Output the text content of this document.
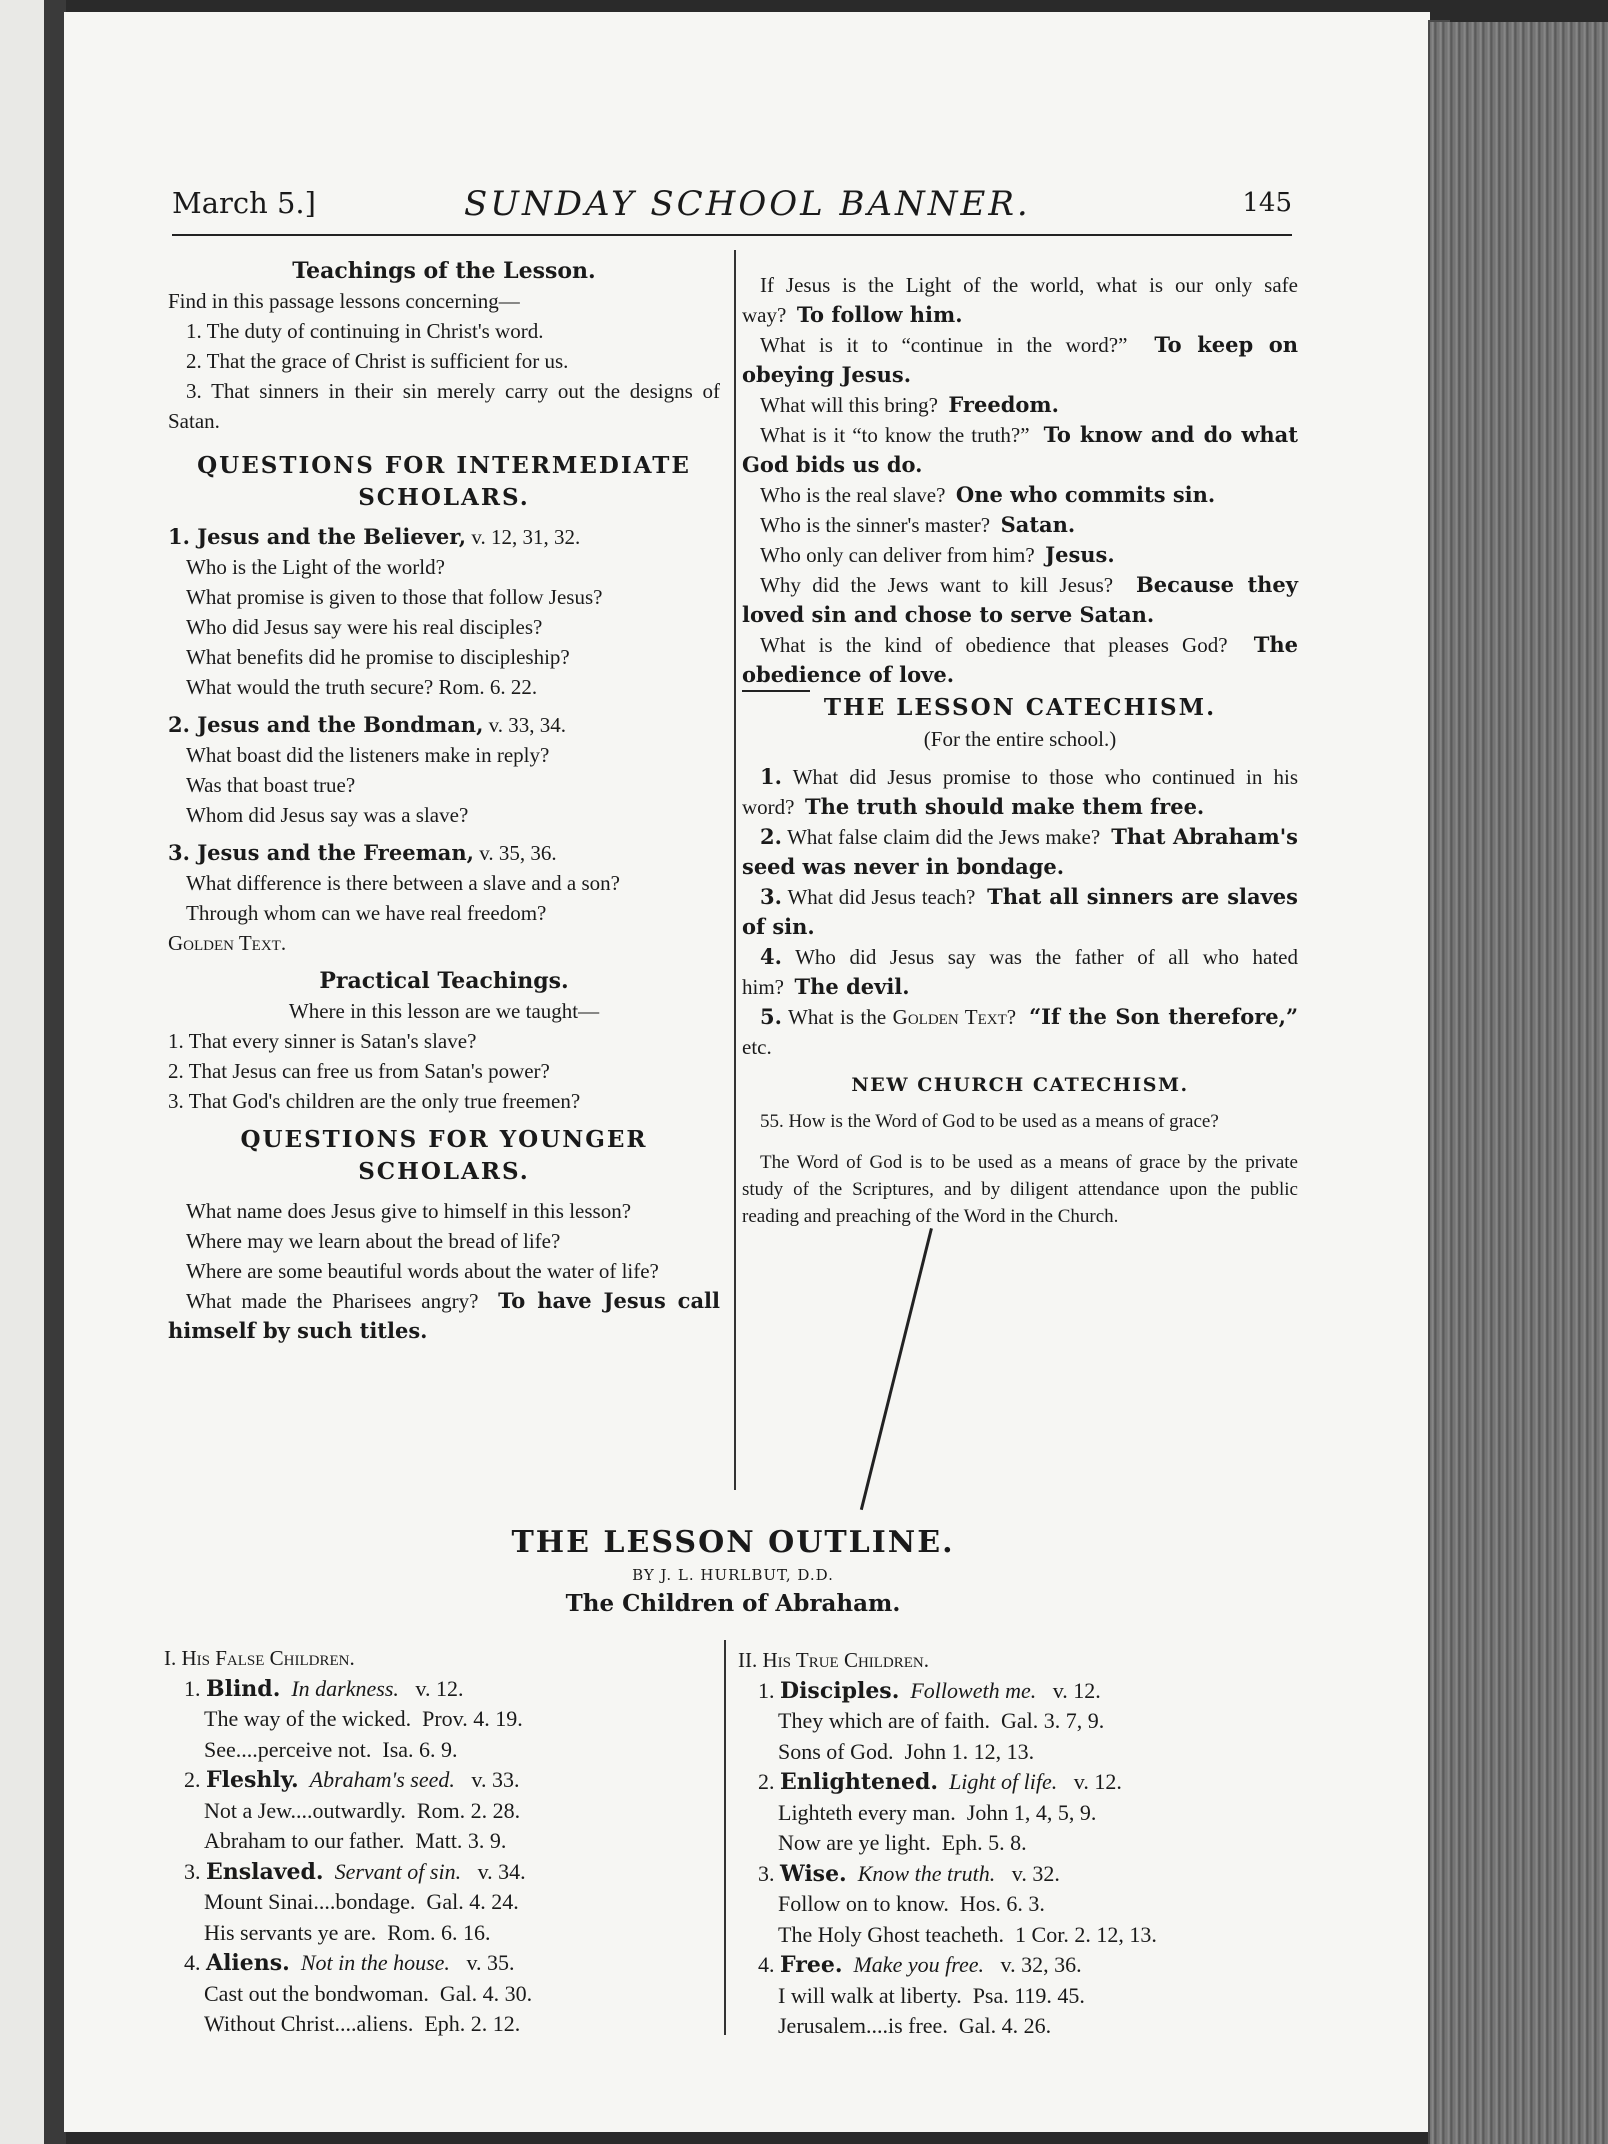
March 5.]	SUNDAY SCHOOL BANNER.	145
Teachings of the Lesson.
Find in this passage lessons concerning—
1. The duty of continuing in Christ's word.
2. That the grace of Christ is sufficient for us.
3. That sinners in their sin merely carry out the designs of Satan.
QUESTIONS FOR INTERMEDIATE SCHOLARS.
1. Jesus and the Believer, v. 12, 31, 32.
Who is the Light of the world?
What promise is given to those that follow Jesus?
Who did Jesus say were his real disciples?
What benefits did he promise to discipleship?
What would the truth secure? Rom. 6. 22.
2. Jesus and the Bondman, v. 33, 34.
What boast did the listeners make in reply?
Was that boast true?
Whom did Jesus say was a slave?
3. Jesus and the Freeman, v. 35, 36.
What difference is there between a slave and a son?
Through whom can we have real freedom?
Golden Text.
Practical Teachings.
Where in this lesson are we taught—
1. That every sinner is Satan's slave?
2. That Jesus can free us from Satan's power?
3. That God's children are the only true freemen?
QUESTIONS FOR YOUNGER SCHOLARS.
What name does Jesus give to himself in this lesson?
Where may we learn about the bread of life?
Where are some beautiful words about the water of life?
What made the Pharisees angry? To have Jesus call himself by such titles.
If Jesus is the Light of the world, what is our only safe way? To follow him.
What is it to “continue in the word?” To keep on obeying Jesus.
What will this bring? Freedom.
What is it “to know the truth?” To know and do what God bids us do.
Who is the real slave? One who commits sin.
Who is the sinner's master? Satan.
Who only can deliver from him? Jesus.
Why did the Jews want to kill Jesus? Because they loved sin and chose to serve Satan.
What is the kind of obedience that pleases God? The obedience of love.
THE LESSON CATECHISM.
(For the entire school.)
1. What did Jesus promise to those who continued in his word? The truth should make them free.
2. What false claim did the Jews make? That Abraham's seed was never in bondage.
3. What did Jesus teach? That all sinners are slaves of sin.
4. Who did Jesus say was the father of all who hated him? The devil.
5. What is the Golden Text? “If the Son therefore,” etc.
NEW CHURCH CATECHISM.
55. How is the Word of God to be used as a means of grace?
The Word of God is to be used as a means of grace by the private study of the Scriptures, and by diligent attendance upon the public reading and preaching of the Word in the Church.
THE LESSON OUTLINE.
BY J. L. HURLBUT, D.D.
The Children of Abraham.
I. His False Children.
1. Blind. In darkness. v. 12.
The way of the wicked.  Prov. 4. 19.
See....perceive not.  Isa. 6. 9.
2. Fleshly. Abraham's seed. v. 33.
Not a Jew....outwardly.  Rom. 2. 28.
Abraham to our father.  Matt. 3. 9.
3. Enslaved. Servant of sin. v. 34.
Mount Sinai....bondage.  Gal. 4. 24.
His servants ye are.  Rom. 6. 16.
4. Aliens. Not in the house. v. 35.
Cast out the bondwoman.  Gal. 4. 30.
Without Christ....aliens.  Eph. 2. 12.
II. His True Children.
1. Disciples. Followeth me. v. 12.
They which are of faith.  Gal. 3. 7, 9.
Sons of God.  John 1. 12, 13.
2. Enlightened. Light of life. v. 12.
Lighteth every man.  John 1, 4, 5, 9.
Now are ye light.  Eph. 5. 8.
3. Wise. Know the truth. v. 32.
Follow on to know.  Hos. 6. 3.
The Holy Ghost teacheth.  1 Cor. 2. 12, 13.
4. Free. Make you free. v. 32, 36.
I will walk at liberty.  Psa. 119. 45.
Jerusalem....is free.  Gal. 4. 26.
